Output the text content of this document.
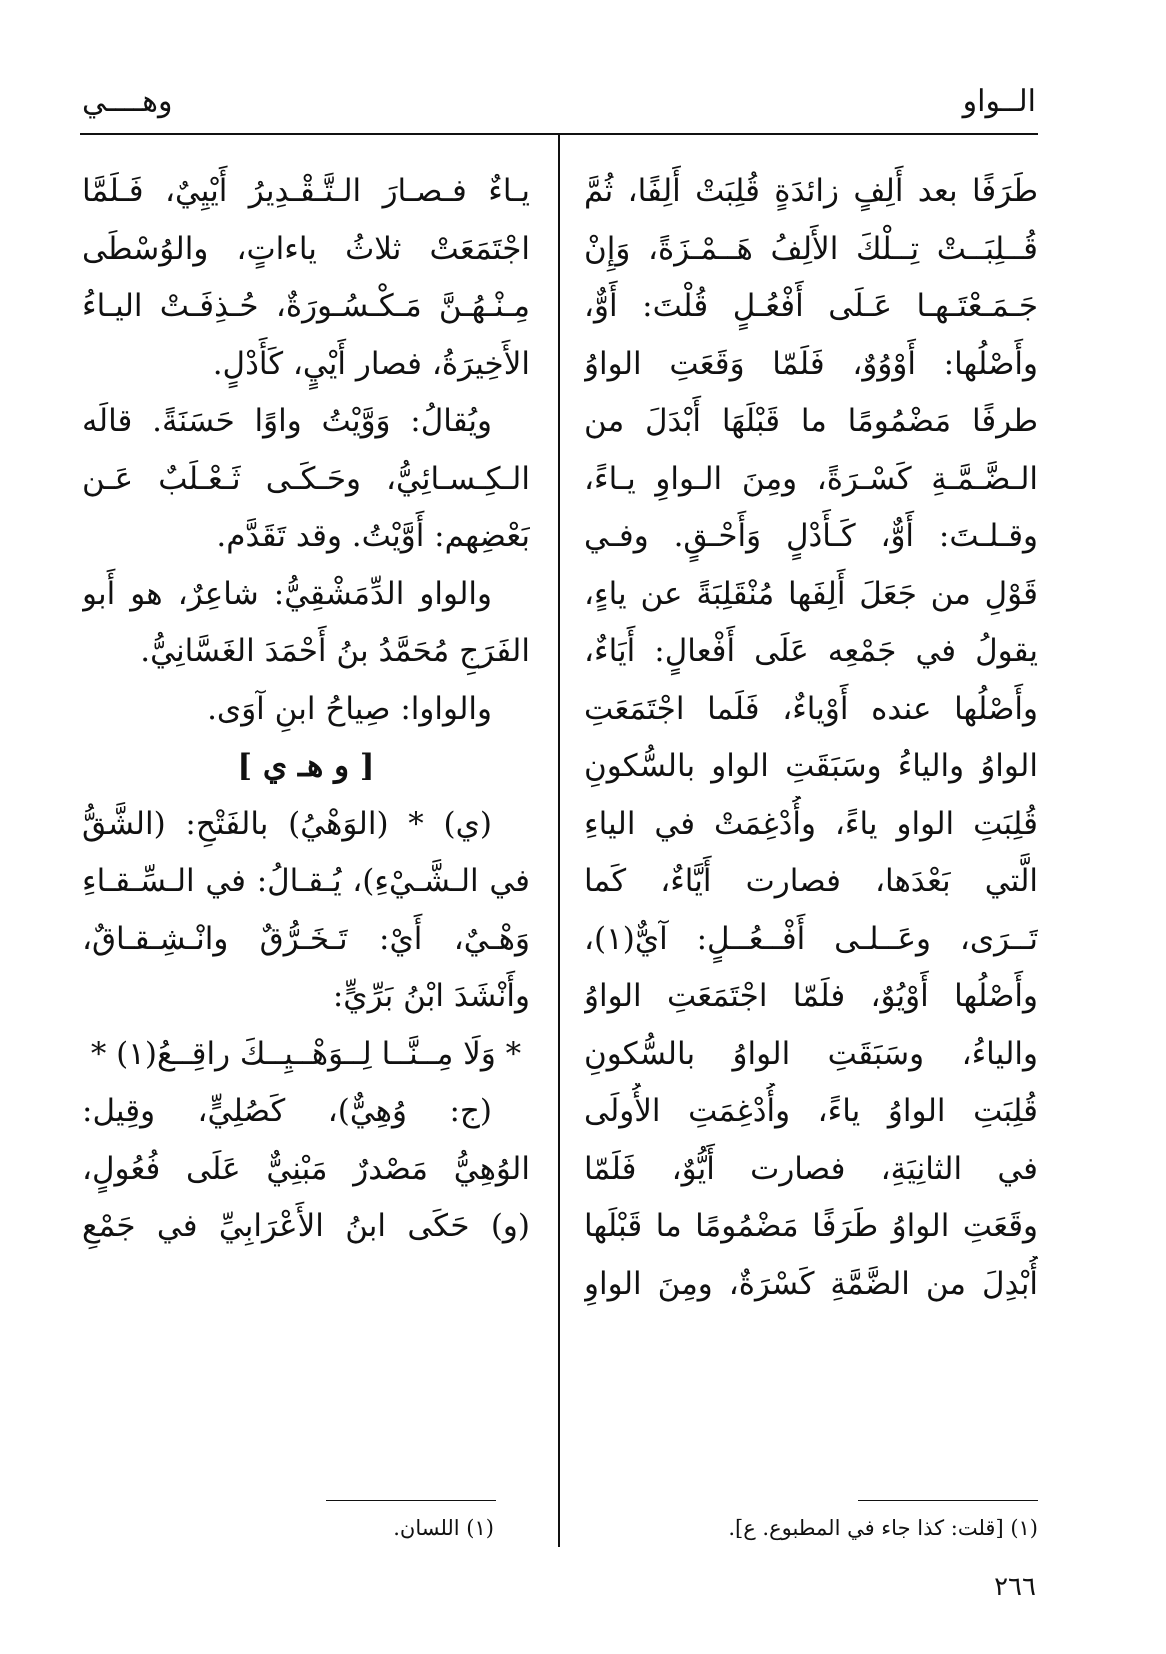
الــواو
وهــــي
طَرَفًا بعد أَلِفٍ زائدَةٍ قُلِبَتْ أَلِفًا، ثُمَّ
قُــلِبَــتْ تِــلْكَ الأَلِفُ هَــمْـزَةً، وَإِنْ
جَـمَـعْتَـهـا عَـلَى أَفْعُـلٍ قُلْتَ: أَوٌّ،
وأَصْلُها: أَوْوُوٌ، فَلَمّا وَقَعَتِ الواوُ
طرفًا مَضْمُومًا ما قَبْلَهَا أَبْدَلَ من
الـضَّـمَّـةِ كَسْـرَةً، ومِنَ الـواوِ يـاءً،
وقـلـتَ: أَوٌّ، كَـأَدْلٍ وَأَحْـقٍ. وفـي
قَوْلِ من جَعَلَ أَلِفَها مُنْقَلِبَةً عن ياءٍ،
يقولُ في جَمْعِه عَلَى أَفْعالٍ: أَيَاءٌ،
وأَصْلُها عنده أَوْياءٌ، فَلَما اجْتَمَعَتِ
الواوُ والياءُ وسَبَقَتِ الواو بالسُّكونِ
قُلِبَتِ الواو ياءً، وأُدْغِمَتْ في الياءِ
الَّتي بَعْدَها، فصارت أَيَّاءٌ، كَما
تَــرَى، وعَــلـى أَفْــعُــلٍ: آيٌّ(١)،
وأَصْلُها أَوْيُوٌ، فلَمّا اجْتَمَعَتِ الواوُ
والياءُ، وسَبَقَتِ الواوُ بالسُّكونِ
قُلِبَتِ الواوُ ياءً، وأُدْغِمَتِ الأُولَى
في الثانِيَةِ، فصارت أَيُّوٌ، فَلَمّا
وقَعَتِ الواوُ طَرَفًا مَضْمُومًا ما قَبْلَها
أُبْدِلَ من الضَّمَّةِ كَسْرَةٌ، ومِنَ الواوِ
يـاءٌ فـصـارَ الـتَّـقْـدِيرُ أَيْيِيٌ، فَـلَمَّا
اجْتَمَعَتْ ثلاثُ ياءاتٍ، والوُسْطَى
مِـنْـهُـنَّ مَـكْـسُـورَةٌ، حُـذِفَـتْ اليـاءُ
الأَخِيرَةُ، فصار أَيْيٍ، كَأَدْلٍ.
ويُقالُ: وَوَّيْتُ واوًا حَسَنَةً. قالَه
الـكِـسـائِيُّ، وحَـكَـى ثَـعْـلَبٌ عَـن
بَعْضِهم: أَوَّيْتُ. وقد تَقَدَّم.
والواو الدِّمَشْقِيُّ: شاعِرٌ، هو أَبو
الفَرَجِ مُحَمَّدُ بنُ أَحْمَدَ الغَسَّانِيُّ.
والواوا: صِياحُ ابنِ آوَى.
[ و هـ ي ]
(ي) * (الوَهْيُ) بالفَتْحِ: (الشَّقُّ
في الـشَّـيْءِ)، يُـقـالُ: في الـسِّـقـاءِ
وَهْـيٌ، أَيْ: تَـخَـرُّقٌ وانْـشِـقـاقٌ،
وأَنْشَدَ ابْنُ بَرِّيٍّ:
* وَلَا مِــنَّــا لِــوَهْــيِــكَ راقِــعُ(١) *
(ج: وُهِيٌّ)، كَصُلِيٍّ، وقِيل:
الوُهِيُّ مَصْدرٌ مَبْنِيٌّ عَلَى فُعُولٍ،
(و) حَكَى ابنُ الأَعْرَابِيِّ في جَمْعِ
(١) [قلت: كذا جاء في المطبوع. ع].
(١) اللسان.
٢٦٦
